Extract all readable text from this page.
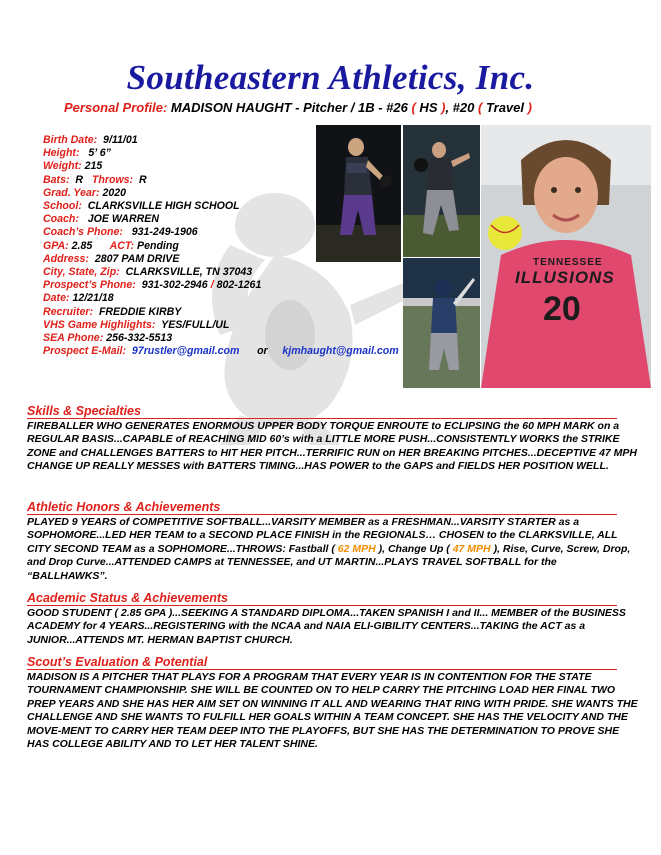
Southeastern Athletics, Inc.
Personal Profile: MADISON HAUGHT - Pitcher / 1B - #26 ( HS ), #20 ( Travel )
Birth Date: 9/11/01
Height: 5’ 6”
Weight: 215
Bats: R Throws: R
Grad. Year: 2020
School: CLARKSVILLE HIGH SCHOOL
Coach: JOE WARREN
Coach’s Phone: 931-249-1906
GPA: 2.85 ACT: Pending
Address: 2807 PAM DRIVE
City, State, Zip: CLARKSVILLE, TN 37043
Prospect’s Phone: 931-302-2946 / 802-1261
Date: 12/21/18
Recruiter: FREDDIE KIRBY
VHS Game Highlights: YES/FULL/UL
SEA Phone: 256-332-5513
Prospect E-Mail: 97rustler@gmail.com or kjmhaught@gmail.com
TENNESSEE
ILLUSIONS
20
Skills & Specialties

FIREBALLER WHO GENERATES ENORMOUS UPPER BODY TORQUE ENROUTE to ECLIPSING the 60 MPH MARK on a REGULAR BASIS...CAPABLE of REACHING MID 60’s with a LITTLE MORE PUSH...CONSISTENTLY WORKS the STRIKE ZONE and CHALLENGES BATTERS to HIT HER PITCH...TERRIFIC RUN on HER BREAKING PITCHES...DECEPTIVE 47 MPH CHANGE UP REALLY MESSES with BATTERS TIMING...HAS POWER to the GAPS and FIELDS HER POSITION WELL.

Athletic Honors & Achievements

PLAYED 9 YEARS of COMPETITIVE SOFTBALL...VARSITY MEMBER as a FRESHMAN...VARSITY STARTER as a SOPHOMORE...LED HER TEAM to a SECOND PLACE FINISH in the REGIONALS… CHOSEN to the CLARKSVILLE, ALL CITY SECOND TEAM as a SOPHOMORE...THROWS: Fastball ( 62 MPH ), Change Up ( 47 MPH ), Rise, Curve, Screw, Drop, and Drop Curve...ATTENDED CAMPS at TENNESSEE, and UT MARTIN...PLAYS TRAVEL SOFTBALL for the “BALLHAWKS”.

Academic Status & Achievements

GOOD STUDENT ( 2.85 GPA )...SEEKING A STANDARD DIPLOMA...TAKEN SPANISH I and II... MEMBER of the BUSINESS ACADEMY for 4 YEARS...REGISTERING with the NCAA and NAIA ELI-GIBILITY CENTERS...TAKING the ACT as a JUNIOR...ATTENDS MT. HERMAN BAPTIST CHURCH.

Scout’s Evaluation & Potential

MADISON IS A PITCHER THAT PLAYS FOR A PROGRAM THAT EVERY YEAR IS IN CONTENTION FOR THE STATE TOURNAMENT CHAMPIONSHIP. SHE WILL BE COUNTED ON TO HELP CARRY THE PITCHING LOAD HER FINAL TWO PREP YEARS AND SHE HAS HER AIM SET ON WINNING IT ALL AND WEARING THAT RING WITH PRIDE. SHE WANTS THE CHALLENGE AND SHE WANTS TO FULFILL HER GOALS WITHIN A TEAM CONCEPT. SHE HAS THE VELOCITY AND THE MOVE-MENT TO CARRY HER TEAM DEEP INTO THE PLAYOFFS, BUT SHE HAS THE DETERMINATION TO PROVE SHE HAS COLLEGE ABILITY AND TO LET HER TALENT SHINE.
